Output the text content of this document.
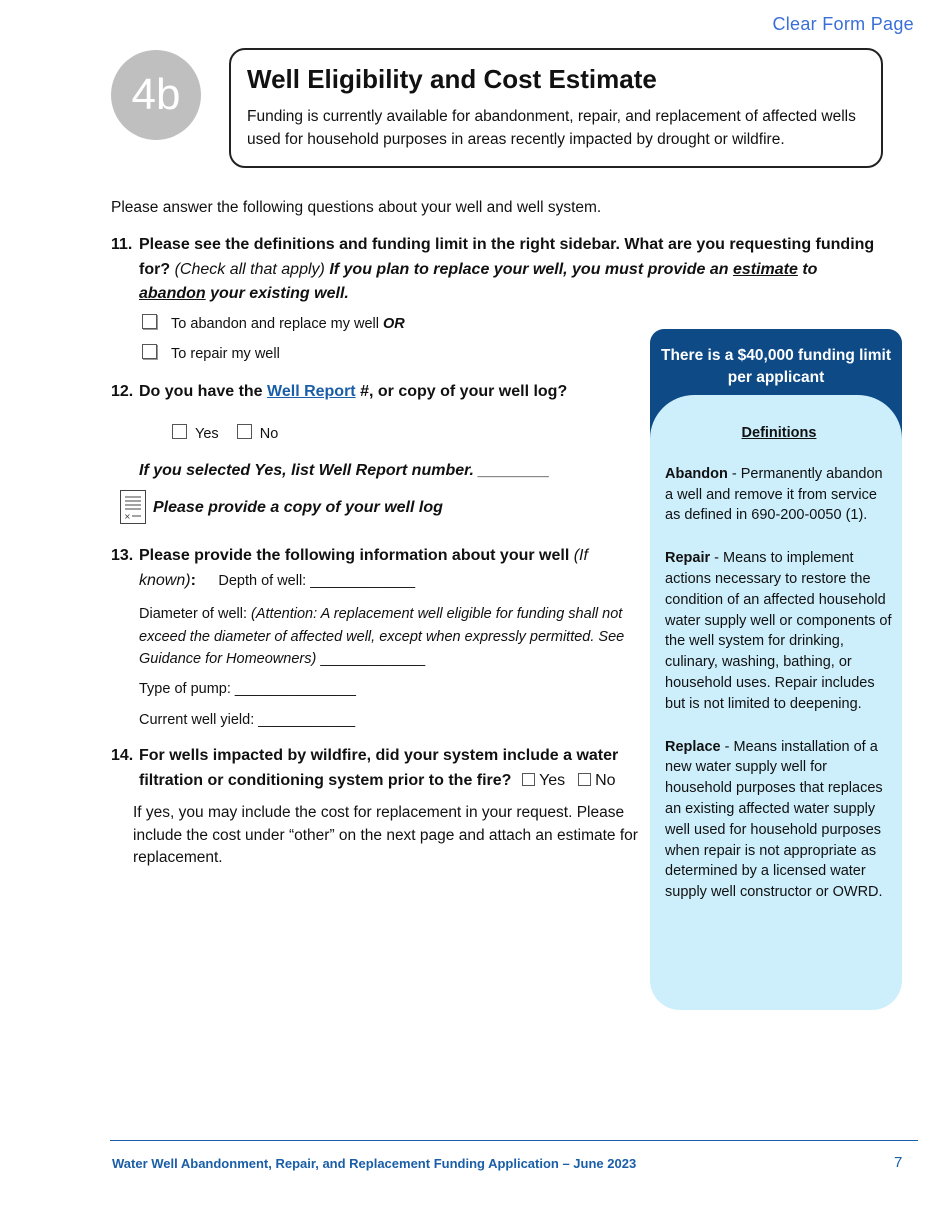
Clear Form Page
4b	Well Eligibility and Cost Estimate

Funding is currently available for abandonment, repair, and replacement of affected wells used for household purposes in areas recently impacted by drought or wildfire.

Please answer the following questions about your well and well system.
11. Please see the definitions and funding limit in the right sidebar. What are you requesting funding for? (Check all that apply) If you plan to replace your well, you must provide an estimate to abandon your existing well.
To abandon and replace my well OR
To repair my well
12. Do you have the Well Report #, or copy of your well log?
Yes	No
If you selected Yes, list Well Report number. ________
×
Please provide a copy of your well log
13. Please provide the following information about your well (If known): Depth of well: _____________
Diameter of well: (Attention: A replacement well eligible for funding shall not exceed the diameter of affected well, except when expressly permitted. See Guidance for Homeowners) _____________
Type of pump: _______________
Current well yield: ____________
14. For wells impacted by wildfire, did your system include a water filtration or conditioning system prior to the fire? Yes No
If yes, you may include the cost for replacement in your request. Please include the cost under “other” on the next page and attach an estimate for replacement.
There is a $40,000 funding limit per applicant
Definitions

Abandon - Permanently abandon a well and remove it from service as defined in 690-200-0050 (1).

Repair - Means to implement actions necessary to restore the condition of an affected household water supply well or components of the well system for drinking, culinary, washing, bathing, or household uses. Repair includes but is not limited to deepening.

Replace - Means installation of a new water supply well for household purposes that replaces an existing affected water supply well used for household purposes when repair is not appropriate as determined by a licensed water supply well constructor or OWRD.

Water Well Abandonment, Repair, and Replacement Funding Application – June 2023	7
